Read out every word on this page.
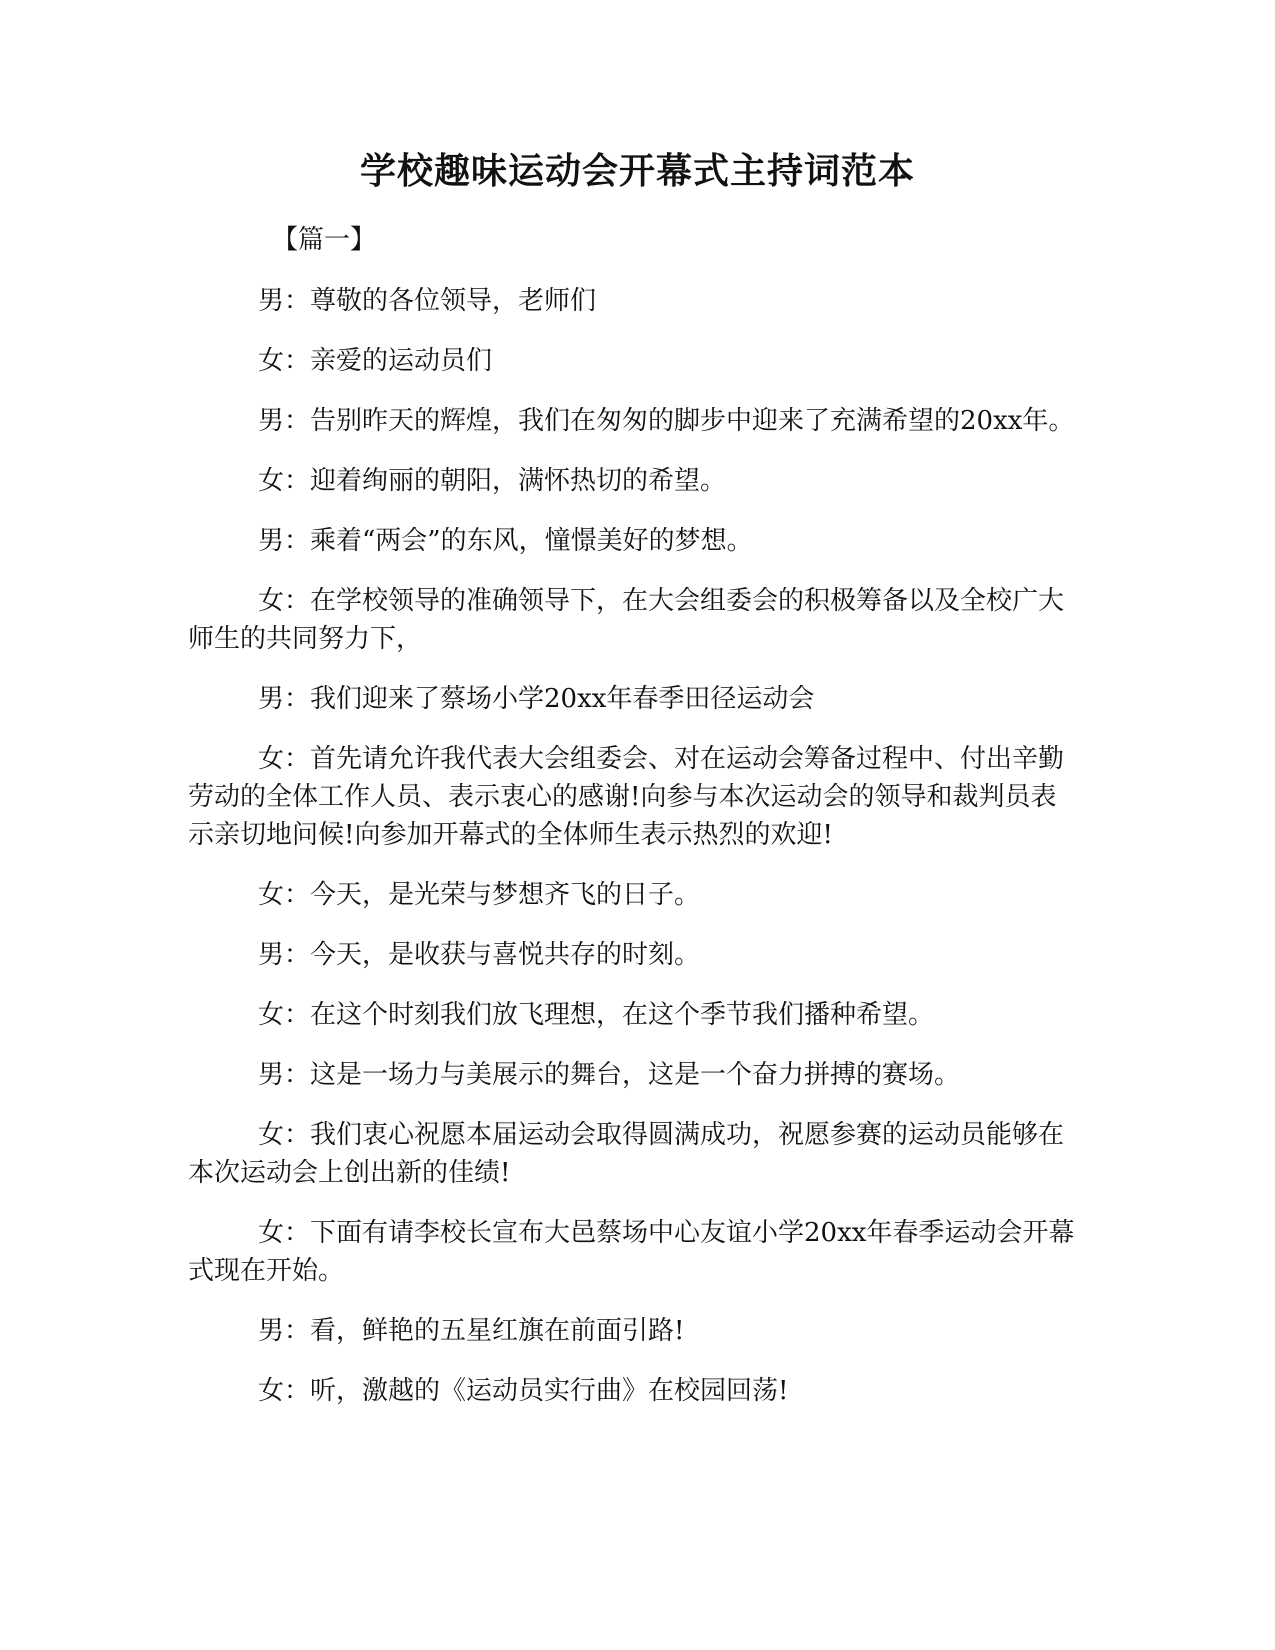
学校趣味运动会开幕式主持词范本

【篇一】

男：尊敬的各位领导，老师们

女：亲爱的运动员们

男：告别昨天的辉煌，我们在匆匆的脚步中迎来了充满希望的20xx年。

女：迎着绚丽的朝阳，满怀热切的希望。

男：乘着“两会”的东风，憧憬美好的梦想。

女：在学校领导的准确领导下，在大会组委会的积极筹备以及全校广大师生的共同努力下，

男：我们迎来了蔡场小学20xx年春季田径运动会

女：首先请允许我代表大会组委会、对在运动会筹备过程中、付出辛勤劳动的全体工作人员、表示衷心的感谢!向参与本次运动会的领导和裁判员表示亲切地问候!向参加开幕式的全体师生表示热烈的欢迎!

女：今天，是光荣与梦想齐飞的日子。

男：今天，是收获与喜悦共存的时刻。

女：在这个时刻我们放飞理想，在这个季节我们播种希望。

男：这是一场力与美展示的舞台，这是一个奋力拼搏的赛场。

女：我们衷心祝愿本届运动会取得圆满成功，祝愿参赛的运动员能够在本次运动会上创出新的佳绩!

女：下面有请李校长宣布大邑蔡场中心友谊小学20xx年春季运动会开幕式现在开始。

男：看，鲜艳的五星红旗在前面引路!

女：听，激越的《运动员实行曲》在校园回荡!
